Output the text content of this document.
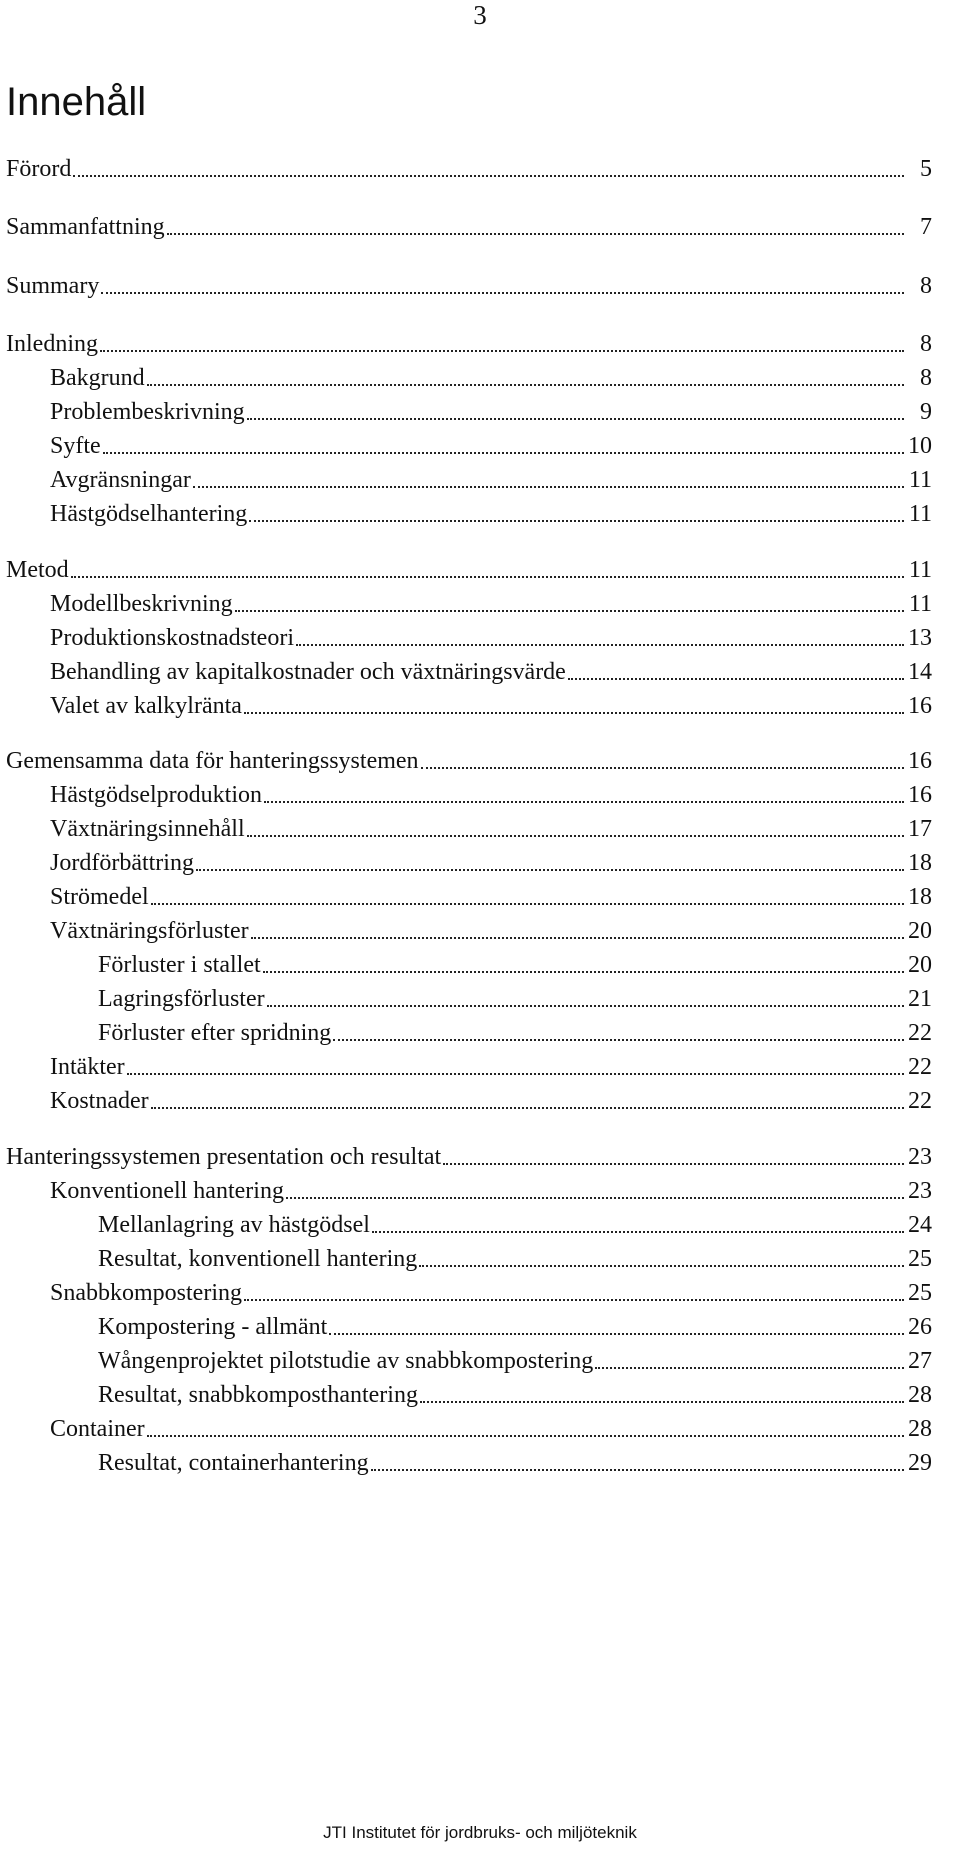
3
Innehåll
Förord	5
Sammanfattning	7
Summary	8
Inledning	8
Bakgrund	8
Problembeskrivning	9
Syfte	10
Avgränsningar	11
Hästgödselhantering	11
Metod	11
Modellbeskrivning	11
Produktionskostnadsteori	13
Behandling av kapitalkostnader och växtnäringsvärde	14
Valet av kalkylränta	16
Gemensamma data för hanteringssystemen	16
Hästgödselproduktion	16
Växtnäringsinnehåll	17
Jordförbättring	18
Strömedel	18
Växtnäringsförluster	20
Förluster i stallet	20
Lagringsförluster	21
Förluster efter spridning	22
Intäkter	22
Kostnader	22
Hanteringssystemen presentation och resultat	23
Konventionell hantering	23
Mellanlagring av hästgödsel	24
Resultat, konventionell hantering	25
Snabbkompostering	25
Kompostering - allmänt	26
Wångenprojektet pilotstudie av snabbkompostering	27
Resultat, snabbkomposthantering	28
Container	28
Resultat, containerhantering	29
JTI Institutet för jordbruks- och miljöteknik
